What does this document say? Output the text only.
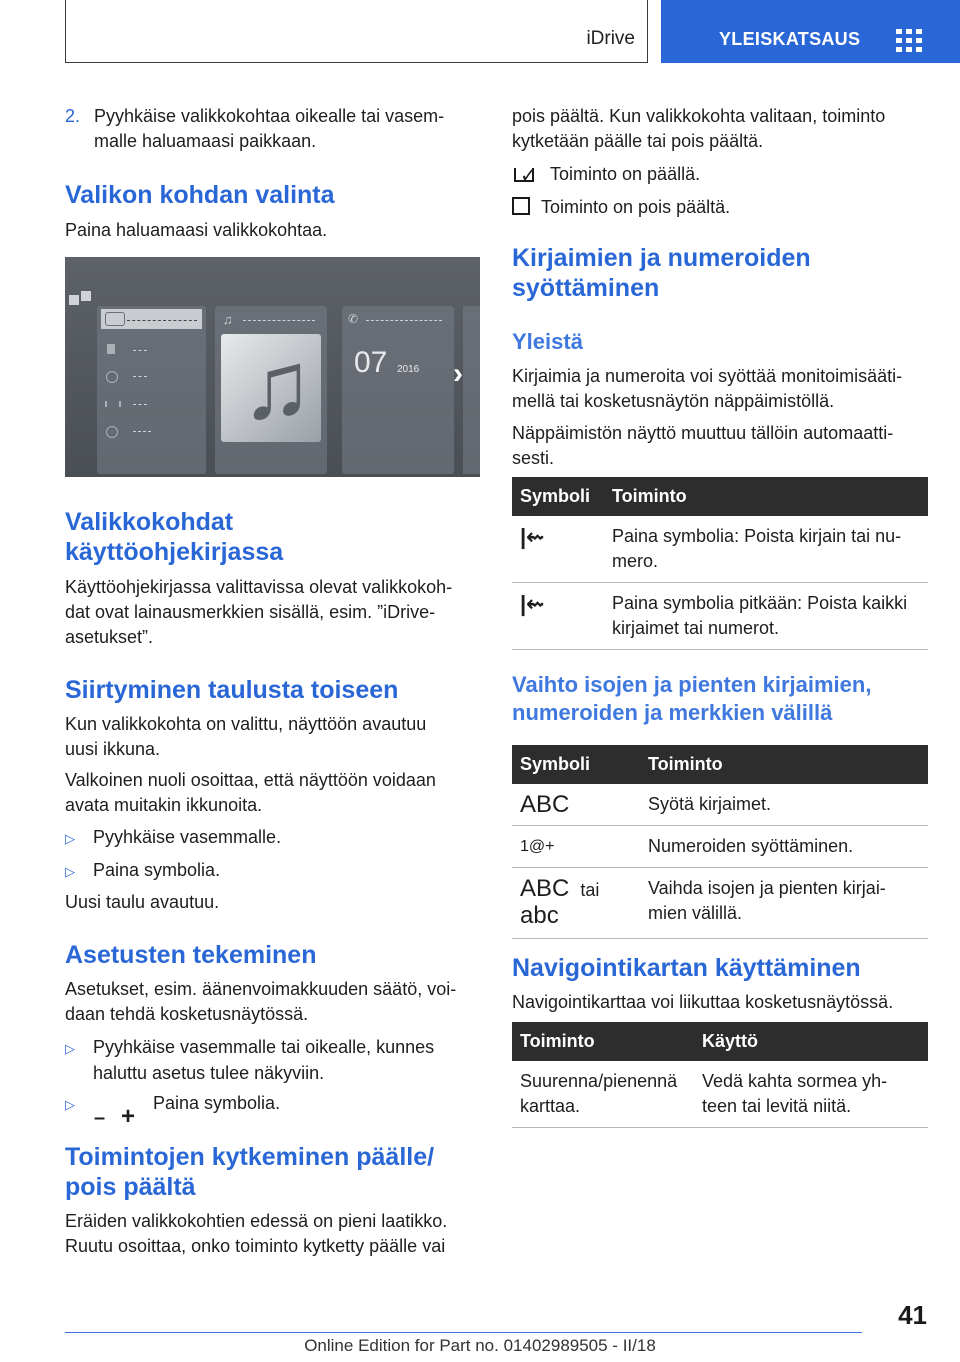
iDrive	YLEISKATSAUS
2. Pyyhkäise valikkokohtaa oikealle tai vasem-
malle haluamaasi paikkaan.
Valikon kohdan valinta
Paina haluamaasi valikkokohtaa.
♫
♫
✆
07 2016 ›
Valikkokohdat
käyttöohjekirjassa
Käyttöohjekirjassa valittavissa olevat valikkokoh-
dat ovat lainausmerkkien sisällä, esim. ”iDrive-
asetukset”.
Siirtyminen taulusta toiseen
Kun valikkokohta on valittu, näyttöön avautuu
uusi ikkuna.
Valkoinen nuoli osoittaa, että näyttöön voidaan
avata muitakin ikkunoita.
▷ Pyyhkäise vasemmalle.
▷ Paina symbolia.
Uusi taulu avautuu.
Asetusten tekeminen
Asetukset, esim. äänenvoimakkuuden säätö, voi-
daan tehdä kosketusnäytössä.
▷ Pyyhkäise vasemmalle tai oikealle, kunnes
haluttu asetus tulee näkyviin.
▷
– + Paina symbolia.
Toimintojen kytkeminen päälle/
pois päältä
Eräiden valikkokohtien edessä on pieni laatikko.
Ruutu osoittaa, onko toiminto kytketty päälle vai
pois päältä. Kun valikkokohta valitaan, toiminto
kytketään päälle tai pois päältä.
✓ Toiminto on päällä.
Toiminto on pois päältä.
Kirjaimien ja numeroiden
syöttäminen
Yleistä
Kirjaimia ja numeroita voi syöttää monitoimisääti-
mellä tai kosketusnäytön näppäimistöllä.
Näppäimistön näyttö muuttuu tällöin automaatti-
sesti.
Symboli	Toiminto
|⇜	Paina symbolia: Poista kirjain tai nu-
mero.
|⇜	Paina symbolia pitkään: Poista kaikki
kirjaimet tai numerot.
Vaihto isojen ja pienten kirjaimien,
numeroiden ja merkkien välillä
Symboli	Toiminto
ABC	Syötä kirjaimet.
1@+	Numeroiden syöttäminen.
ABC tai
abc	Vaihda isojen ja pienten kirjai-
mien välillä.
Navigointikartan käyttäminen
Navigointikarttaa voi liikuttaa kosketusnäytössä.
Toiminto	Käyttö
Suurenna/pienennä
karttaa.	Vedä kahta sormea yh-
teen tai levitä niitä.
41
Online Edition for Part no. 01402989505 - II/18
